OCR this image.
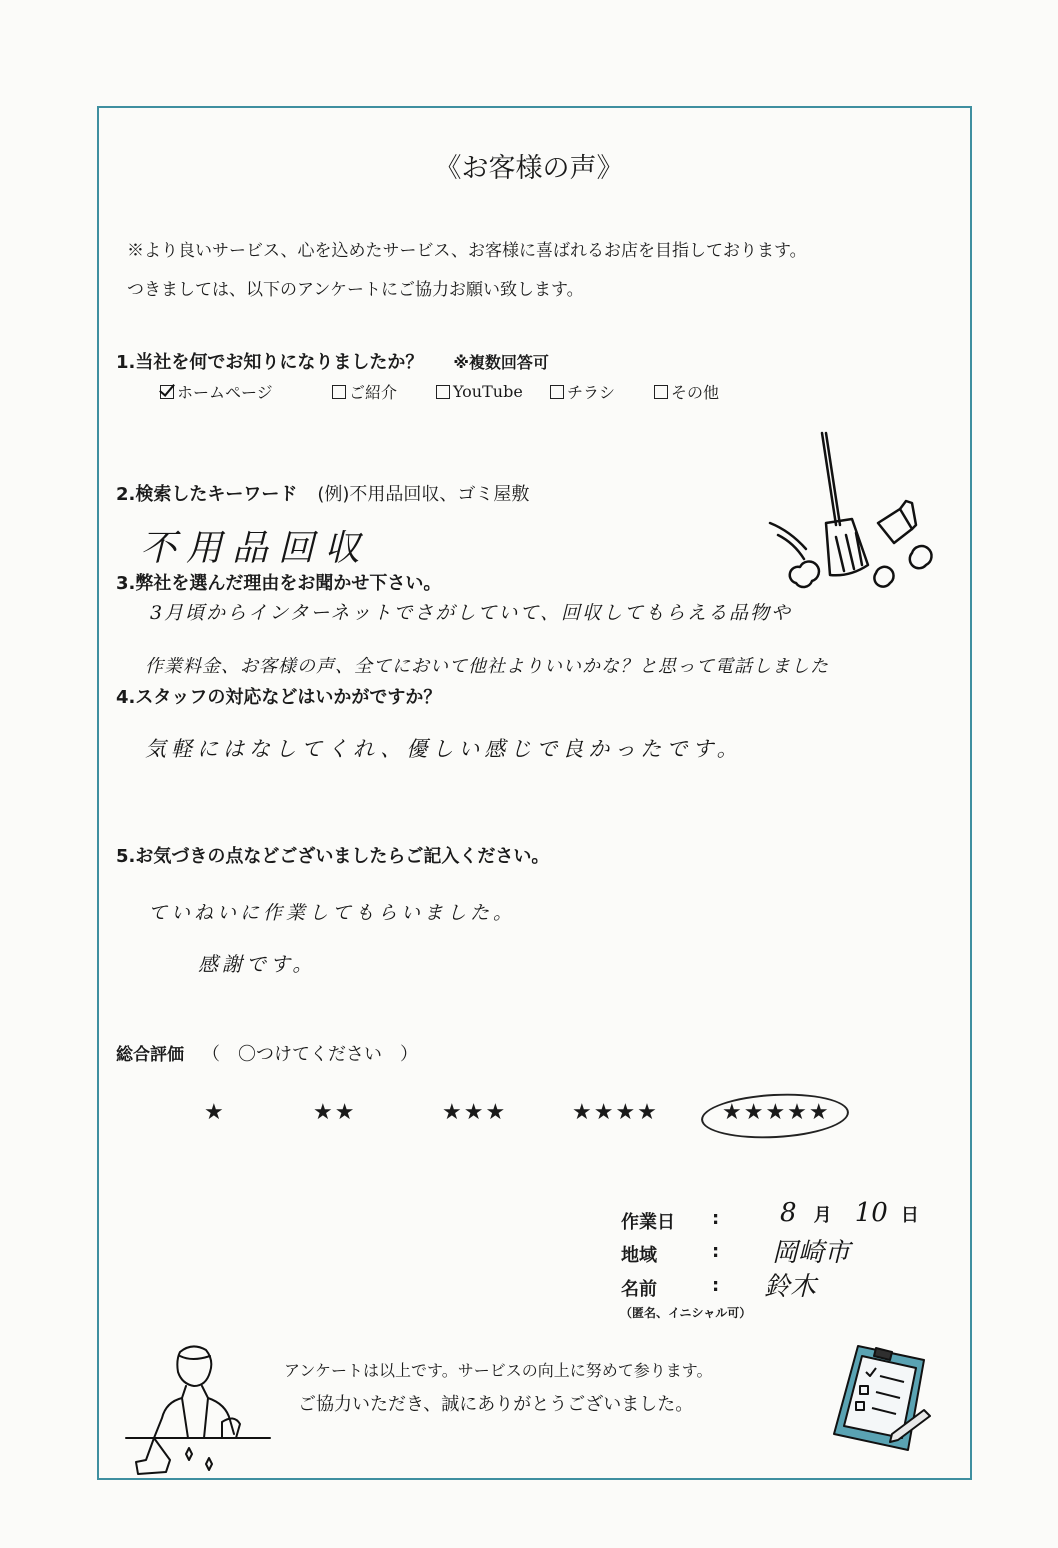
《お客様の声》
※より良いサービス、心を込めたサービス、お客様に喜ばれるお店を目指しております。
つきましては、以下のアンケートにご協力お願い致します。
1.当社を何でお知りになりましたか？ ※複数回答可
ホームページ	ご紹介	YouTube	チラシ	その他
2.検索したキーワード (例)不用品回収、ゴミ屋敷
不用品回収
3.弊社を選んだ理由をお聞かせ下さい。
3月頃からインターネットでさがしていて、回収してもらえる品物や
作業料金、お客様の声、全てにおいて他社よりいいかな？と思って電話しました
4.スタッフの対応などはいかがですか？
気軽にはなしてくれ、優しい感じで良かったです。
5.お気づきの点などございましたらご記入ください。
ていねいに作業してもらいました。
感謝です。
総合評価 （　〇つけてください　）
★	★★	★★★	★★★★	★★★★★
作業日 : 8 月 10 日
地域	: 岡崎市
名前	: 鈴木
（匿名、イニシャル可）
アンケートは以上です。サービスの向上に努めて参ります。
ご協力いただき、誠にありがとうございました。
